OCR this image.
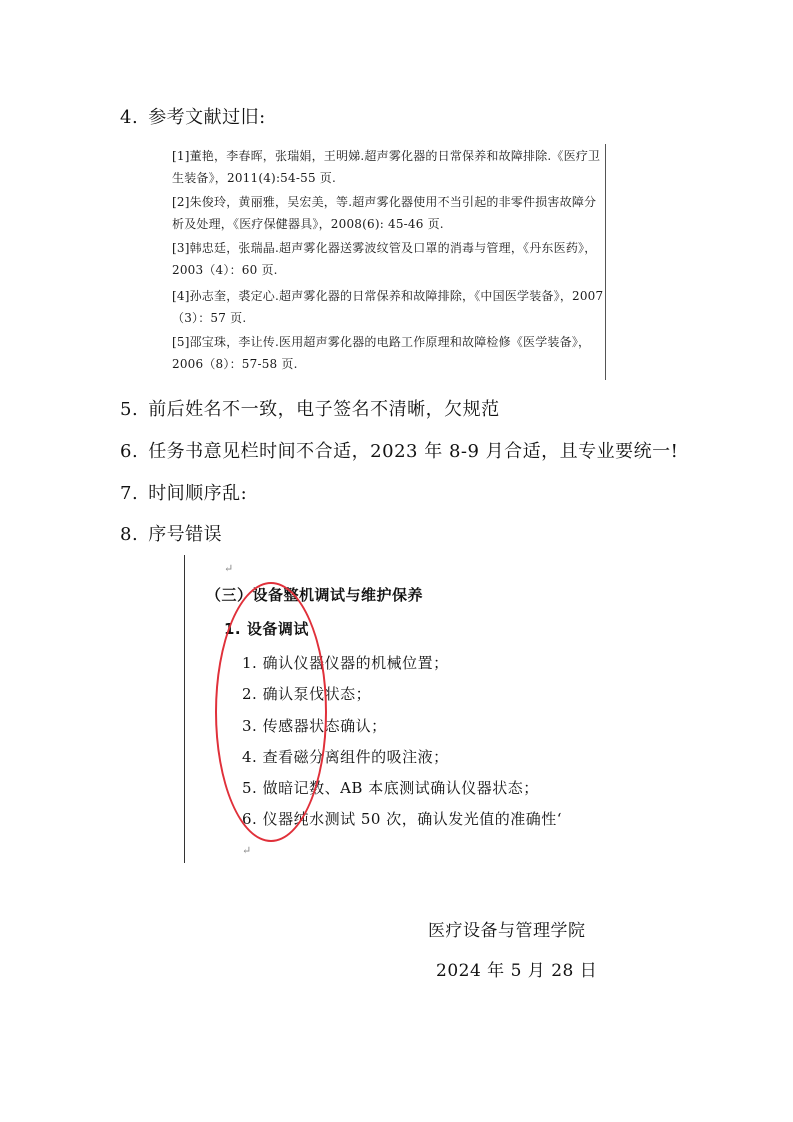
4. 参考文献过旧:
[1]董艳，李春晖，张瑞娟，王明娣.超声雾化器的日常保养和故障排除.《医疗卫
生装备》，2011(4):54-55 页.
[2]朱俊玲，黄丽雅，吴宏美，等.超声雾化器使用不当引起的非零件损害故障分
析及处理，《医疗保健器具》，2008(6): 45-46 页.
[3]韩忠廷，张瑞晶.超声雾化器送雾波纹管及口罩的消毒与管理，《丹东医药》，
2003（4）：60 页.
[4]孙志奎，裘定心.超声雾化器的日常保养和故障排除，《中国医学装备》，2007
（3）：57 页.
[5]邵宝珠，李让传.医用超声雾化器的电路工作原理和故障检修《医学装备》，
2006（8）：57-58 页.
5. 前后姓名不一致，电子签名不清晰，欠规范
6. 任务书意见栏时间不合适，2023 年 8-9 月合适，且专业要统一!
7. 时间顺序乱:
8. 序号错误
↵
（三）设备整机调试与维护保养
1. 设备调试
1. 确认仪器仪器的机械位置；
2. 确认泵伐状态；
3. 传感器状态确认；
4. 查看磁分离组件的吸注液；
5. 做暗记数、AB 本底测试确认仪器状态；
6. 仪器纯水测试 50 次，确认发光值的准确性‘
↵
医疗设备与管理学院
2024 年 5 月 28 日
